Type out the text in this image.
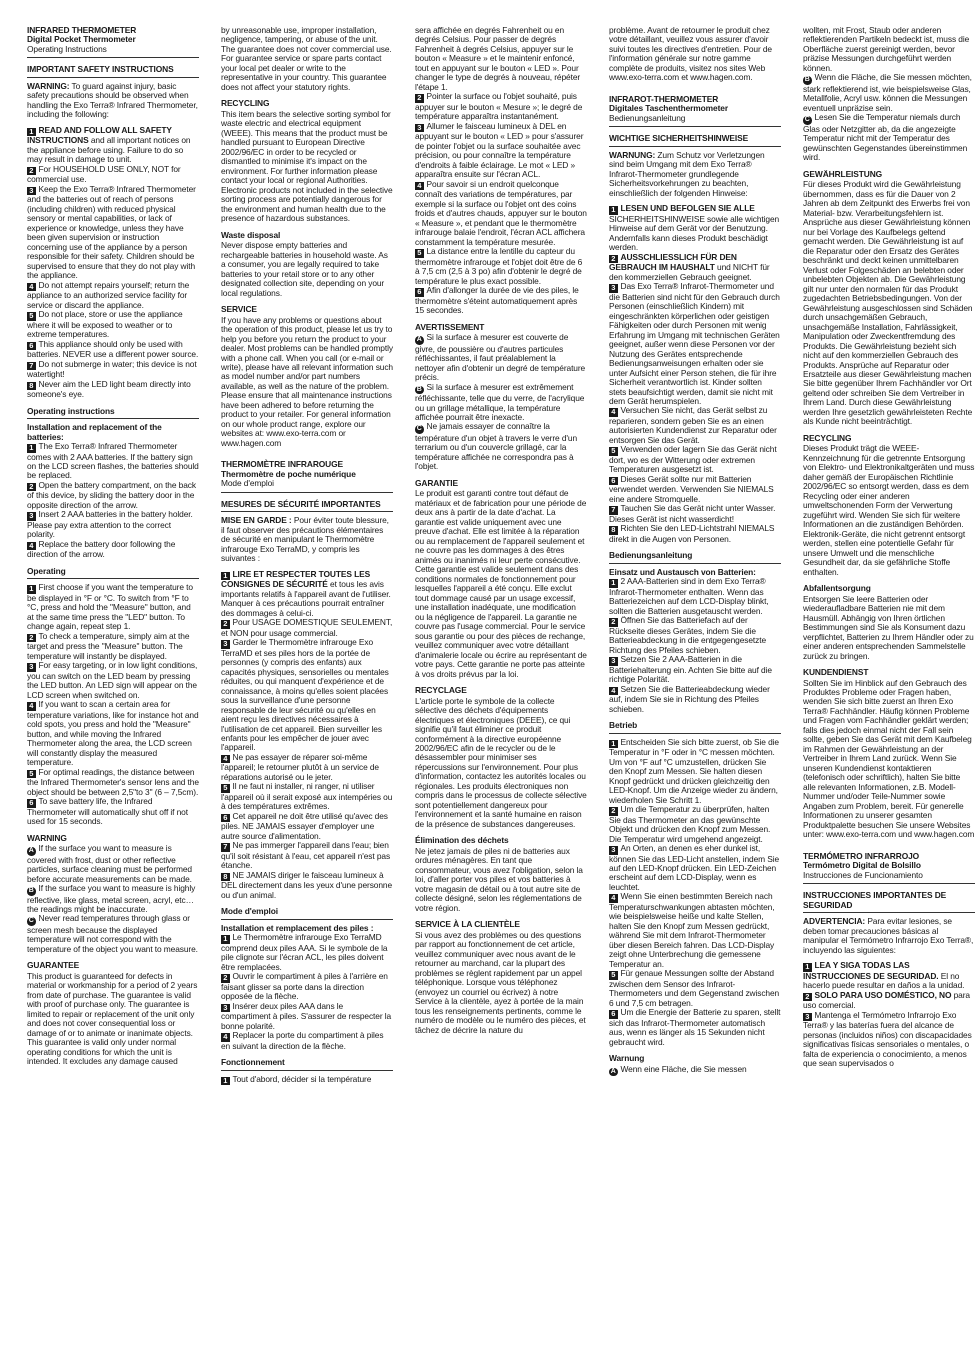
INFRARED THERMOMETER

Digital Pocket Thermometer

Operating Instructions

IMPORTANT SAFETY INSTRUCTIONS

WARNING: To guard against injury, basic safety precautions should be observed when handling the Exo Terra® Infrared Thermometer, including the following:

1 READ AND FOLLOW ALL SAFETY INSTRUCTIONS and all important notices on the appliance before using. Failure to do so may result in damage to unit.

2 For HOUSEHOLD USE ONLY, NOT for commercial use.

3 Keep the Exo Terra® Infrared Thermometer and the batteries out of reach of persons (including children) with reduced physical sensory or mental capabilities, or lack of experience or knowledge, unless they have been given supervision or instruction concerning use of the appliance by a person responsible for their safety. Children should be supervised to ensure that they do not play with the appliance.

4 Do not attempt repairs yourself; return the appliance to an authorized service facility for service or discard the appliance.

5 Do not place, store or use the appliance where it will be exposed to weather or to extreme temperatures.

6 This appliance should only be used with batteries. NEVER use a different power source.

7 Do not submerge in water; this device is not watertight!

8 Never aim the LED light beam directly into someone's eye.

Operating instructions

Installation and replacement of the batteries:

1 The Exo Terra® Infrared Thermometer comes with 2 AAA batteries. If the battery sign on the LCD screen flashes, the batteries should be replaced.

2 Open the battery compartment, on the back of this device, by sliding the battery door in the opposite direction of the arrow.

3 Insert 2 AAA batteries in the battery holder. Please pay extra attention to the correct polarity.

4 Replace the battery door following the direction of the arrow.

Operating

1 First choose if you want the temperature to be displayed in °F or °C. To switch from °F to °C, press and hold the "Measure" button, and at the same time press the "LED" button. To change again, repeat step 1.

2 To check a temperature, simply aim at the target and press the "Measure" button. The temperature will instantly be displayed.

3 For easy targeting, or in low light conditions, you can switch on the LED beam by pressing the LED button. An LED sign will appear on the LCD screen when switched on.

4 If you want to scan a certain area for temperature variations, like for instance hot and cold spots, you press and hold the "Measure" button, and while moving the Infrared Thermometer along the area, the LCD screen will constantly display the measured temperature.

5 For optimal readings, the distance between the Infrared Thermometer's sensor lens and the object should be between 2,5"to 3" (6 – 7,5cm).

6 To save battery life, the Infrared Thermometer will automatically shut off if not used for 15 seconds.

WARNING

A If the surface you want to measure is covered with frost, dust or other reflective particles, surface cleaning must be performed before accurate measurements can be made.

B If the surface you want to measure is highly reflective, like glass, metal screen, acryl, etc…the readings might be inaccurate.

C Never read temperatures through glass or screen mesh because the displayed temperature will not correspond with the temperature of the object you want to measure.

GUARANTEE

This product is guaranteed for defects in material or workmanship for a period of 2 years from date of purchase. The guarantee is valid with proof of purchase only. The guarantee is limited to repair or replacement of the unit only and does not cover consequential loss or damage of or to animate or inanimate objects. This guarantee is valid only under normal operating conditions for which the unit is intended. It excludes any damage caused

by unreasonable use, improper installation, negligence, tampering, or abuse of the unit. The guarantee does not cover commercial use. For guarantee service or spare parts contact your local pet dealer or write to the representative in your country. This guarantee does not affect your statutory rights.

RECYCLING

This item bears the selective sorting symbol for waste electric and electrical equipment (WEEE). This means that the product must be handled pursuant to European Directive 2002/96/EC in order to be recycled or dismantled to minimise it's impact on the environment. For further information please contact your local or regional Authorities. Electronic products not included in the selective sorting process are potentially dangerous for the environment and human health due to the presence of hazardous substances.

Waste disposal

Never dispose empty batteries and rechargeable batteries in household waste. As a consumer, you are legally required to take batteries to your retail store or to any other designated collection site, depending on your local regulations.

SERVICE

If you have any problems or questions about the operation of this product, please let us try to help you before you return the product to your dealer. Most problems can be handled promptly with a phone call. When you call (or e-mail or write), please have all relevant information such as model number and/or part numbers available, as well as the nature of the problem. Please ensure that all maintenance instructions have been adhered to before returning the product to your retailer. For general information on our whole product range, explore our websites at: www.exo-terra.com or www.hagen.com

THERMOMÈTRE INFRAROUGE

Thermomètre de poche numérique

Mode d'emploi

MESURES DE SÉCURITÉ IMPORTANTES

MISE EN GARDE : Pour éviter toute blessure, il faut observer des précautions élémentaires de sécurité en manipulant le Thermomètre infrarouge Exo TerraMD, y compris les suivantes :

1 LIRE ET RESPECTER TOUTES LES CONSIGNES DE SÉCURITÉ et tous les avis importants relatifs à l'appareil avant de l'utiliser. Manquer à ces précautions pourrait entraîner des dommages à celui-ci.

2 Pour USAGE DOMESTIQUE SEULEMENT, et NON pour usage commercial.

3 Garder le Thermomètre infrarouge Exo TerraMD et ses piles hors de la portée de personnes (y compris des enfants) aux capacités physiques, sensorielles ou mentales réduites, ou qui manquent d'expérience et de connaissance, à moins qu'elles soient placées sous la surveillance d'une personne responsable de leur sécurité ou qu'elles en aient reçu les directives nécessaires à l'utilisation de cet appareil. Bien surveiller les enfants pour les empêcher de jouer avec l'appareil.

4 Ne pas essayer de réparer soi-même l'appareil; le retourner plutôt à un service de réparations autorisé ou le jeter.

5 Il ne faut ni installer, ni ranger, ni utiliser l'appareil où il serait exposé aux intempéries ou à des températures extrêmes.

6 Cet appareil ne doit être utilisé qu'avec des piles. NE JAMAIS essayer d'employer une autre source d'alimentation.

7 Ne pas immerger l'appareil dans l'eau; bien qu'il soit résistant à l'eau, cet appareil n'est pas étanche.

8 NE JAMAIS diriger le faisceau lumineux à DEL directement dans les yeux d'une personne ou d'un animal.

Mode d'emploi

Installation et remplacement des piles :

1 Le Thermomètre infrarouge Exo TerraMD comprend deux piles AAA. Si le symbole de la pile clignote sur l'écran ACL, les piles doivent être remplacées.

2 Ouvrir le compartiment à piles à l'arrière en faisant glisser sa porte dans la direction opposée de la flèche.

3 Insérer deux piles AAA dans le compartiment à piles. S'assurer de respecter la bonne polarité.

4 Replacer la porte du compartiment à piles en suivant la direction de la flèche.

Fonctionnement

1 Tout d'abord, décider si la température

sera affichée en degrés Fahrenheit ou en degrés Celsius. Pour passer de degrés Fahrenheit à degrés Celsius, appuyer sur le bouton « Measure » et le maintenir enfoncé, tout en appuyant sur le bouton « LED ». Pour changer le type de degrés à nouveau, répéter l'étape 1.

2 Pointer la surface ou l'objet souhaité, puis appuyer sur le bouton « Mesure »; le degré de température apparaîtra instantanément.

3 Allumer le faisceau lumineux à DEL en appuyant sur le bouton « LED » pour s'assurer de pointer l'objet ou la surface souhaitée avec précision, ou pour connaître la température d'endroits à faible éclairage. Le mot « LED » apparaîtra ensuite sur l'écran ACL.

4 Pour savoir si un endroit quelconque connaît des variations de températures, par exemple si la surface ou l'objet ont des coins froids et d'autres chauds, appuyer sur le bouton « Measure », et pendant que le thermomètre infrarouge balaie l'endroit, l'écran ACL affichera constamment la température mesurée.

5 La distance entre la lentille du capteur du thermomètre infrarouge et l'objet doit être de 6 à 7,5 cm (2,5 à 3 po) afin d'obtenir le degré de température le plus exact possible.

6 Afin d'allonger la durée de vie des piles, le thermomètre s'éteint automatiquement après 15 secondes.

AVERTISSEMENT

A Si la surface à mesurer est couverte de givre, de poussière ou d'autres particules réfléchissantes, il faut préalablement la nettoyer afin d'obtenir un degré de température précis.

B Si la surface à mesurer est extrêmement réfléchissante, telle que du verre, de l'acrylique ou un grillage métallique, la température affichée pourrait être inexacte.

C Ne jamais essayer de connaître la température d'un objet à travers le verre d'un terrarium ou d'un couvercle grillagé, car la température affichée ne correspondra pas à l'objet.

GARANTIE

Le produit est garanti contre tout défaut de matériaux et de fabrication pour une période de deux ans à partir de la date d'achat. La garantie est valide uniquement avec une preuve d'achat. Elle est limitée à la réparation ou au remplacement de l'appareil seulement et ne couvre pas les dommages à des êtres animés ou inanimés ni leur perte consécutive. Cette garantie est valide seulement dans des conditions normales de fonctionnement pour lesquelles l'appareil a été conçu. Elle exclut tout dommage causé par un usage excessif, une installation inadéquate, une modification ou la négligence de l'appareil. La garantie ne couvre pas l'usage commercial. Pour le service sous garantie ou pour des pièces de rechange, veuillez communiquer avec votre détaillant d'animalerie locale ou écrire au représentant de votre pays. Cette garantie ne porte pas atteinte à vos droits prévus par la loi.

RECYCLAGE

L'article porte le symbole de la collecte sélective des déchets d'équipements électriques et électroniques (DEEE), ce qui signifie qu'il faut éliminer ce produit conformément à la directive européenne 2002/96/EC afin de le recycler ou de le désassembler pour minimiser ses répercussions sur l'environnement. Pour plus d'information, contactez les autorités locales ou régionales. Les produits électroniques non compris dans le processus de collecte sélective sont potentiellement dangereux pour l'environnement et la santé humaine en raison de la présence de substances dangereuses.

Élimination des déchets

Ne jetez jamais de piles ni de batteries aux ordures ménagères. En tant que consommateur, vous avez l'obligation, selon la loi, d'aller porter vos piles et vos batteries à votre magasin de détail ou à tout autre site de collecte désigné, selon les réglementations de votre région.

SERVICE À LA CLIENTÈLE

Si vous avez des problèmes ou des questions par rapport au fonctionnement de cet article, veuillez communiquer avec nous avant de le retourner au marchand, car la plupart des problèmes se règlent rapidement par un appel téléphonique. Lorsque vous téléphonez (envoyez un courriel ou écrivez) à notre Service à la clientèle, ayez à portée de la main tous les renseignements pertinents, comme le numéro de modèle ou le numéro des pièces, et tâchez de décrire la nature du

problème. Avant de retourner le produit chez votre détaillant, veuillez vous assurer d'avoir suivi toutes les directives d'entretien. Pour de l'information générale sur notre gamme complète de produits, visitez nos sites Web www.exo-terra.com et www.hagen.com.

INFRAROT-THERMOMETER

Digitales Taschenthermometer

Bedienungsanleitung

WICHTIGE SICHERHEITSHINWEISE

WARNUNG: Zum Schutz vor Verletzungen sind beim Umgang mit dem Exo Terra® Infrarot-Thermometer grundlegende Sicherheitsvorkehrungen zu beachten, einschließlich der folgenden Hinweise:

1 LESEN UND BEFOLGEN SIE ALLE SICHERHEITSHINWEISE sowie alle wichtigen Hinweise auf dem Gerät vor der Benutzung. Andernfalls kann dieses Produkt beschädigt werden.

2 AUSSCHLIESSLICH FÜR DEN GEBRAUCH IM HAUSHALT und NICHT für den kommerziellen Gebrauch geeignet.

3 Das Exo Terra® Infrarot-Thermometer und die Batterien sind nicht für den Gebrauch durch Personen (einschließlich Kindern) mit eingeschränkten körperlichen oder geistigen Fähigkeiten oder durch Personen mit wenig Erfahrung im Umgang mit technischen Geräten geeignet, außer wenn diese Personen vor der Nutzung des Gerätes entsprechende Bedienungsanweisungen erhalten oder sie unter Aufsicht einer Person stehen, die für ihre Sicherheit verantwortlich ist. Kinder sollten stets beaufsichtigt werden, damit sie nicht mit dem Gerät herumspielen.

4 Versuchen Sie nicht, das Gerät selbst zu reparieren, sondern geben Sie es an einen autorisierten Kundendienst zur Reparatur oder entsorgen Sie das Gerät.

5 Verwenden oder lagern Sie das Gerät nicht dort, wo es der Witterung oder extremen Temperaturen ausgesetzt ist.

6 Dieses Gerät sollte nur mit Batterien verwendet werden. Verwenden Sie NIEMALS eine andere Stromquelle.

7 Tauchen Sie das Gerät nicht unter Wasser. Dieses Gerät ist nicht wasserdicht!

8 Richten Sie den LED-Lichtstrahl NIEMALS direkt in die Augen von Personen.

Bedienungsanleitung

Einsatz und Austausch von Batterien:

1 2 AAA-Batterien sind in dem Exo Terra® Infrarot-Thermometer enthalten. Wenn das Batteriezeichen auf dem LCD-Display blinkt, sollten die Batterien ausgetauscht werden.

2 Öffnen Sie das Batteriefach auf der Rückseite dieses Gerätes, indem Sie die Batterieabdeckung in die entgegengesetzte Richtung des Pfeiles schieben.

3 Setzen Sie 2 AAA-Batterien in die Batteriehalterung ein. Achten Sie bitte auf die richtige Polarität.

4 Setzen Sie die Batterieabdeckung wieder auf, indem Sie sie in Richtung des Pfeiles schieben.

Betrieb

1 Entscheiden Sie sich bitte zuerst, ob Sie die Temperatur in °F oder in °C messen möchten. Um von °F auf °C umzustellen, drücken Sie den Knopf zum Messen. Sie halten diesen Knopf gedrückt und drücken gleichzeitig den LED-Knopf. Um die Anzeige wieder zu ändern, wiederholen Sie Schritt 1.

2 Um die Temperatur zu überprüfen, halten Sie das Thermometer an das gewünschte Objekt und drücken den Knopf zum Messen. Die Temperatur wird umgehend angezeigt.

3 An Orten, an denen es eher dunkel ist, können Sie das LED-Licht anstellen, indem Sie auf den LED-Knopf drücken. Ein LED-Zeichen erscheint auf dem LCD-Display, wenn es leuchtet.

4 Wenn Sie einen bestimmten Bereich nach Temperaturschwankungen abtasten möchten, wie beispielsweise heiße und kalte Stellen, halten Sie den Knopf zum Messen gedrückt, während Sie mit dem Infrarot-Thermometer über diesen Bereich fahren. Das LCD-Display zeigt ohne Unterbrechung die gemessene Temperatur an.

5 Für genaue Messungen sollte der Abstand zwischen dem Sensor des Infrarot-Thermometers und dem Gegenstand zwischen 6 und 7,5 cm betragen.

6 Um die Energie der Batterie zu sparen, stellt sich das Infrarot-Thermometer automatisch aus, wenn es länger als 15 Sekunden nicht gebraucht wird.

Warnung

A Wenn eine Fläche, die Sie messen

wollten, mit Frost, Staub oder anderen reflektierenden Partikeln bedeckt ist, muss die Oberfläche zuerst gereinigt werden, bevor präzise Messungen durchgeführt werden können.

B Wenn die Fläche, die Sie messen möchten, stark reflektierend ist, wie beispielsweise Glas, Metallfolie, Acryl usw. können die Messungen eventuell unpräzise sein.

C Lesen Sie die Temperatur niemals durch Glas oder Netzgitter ab, da die angezeigte Temperatur nicht mit der Temperatur des gewünschten Gegenstandes übereinstimmen wird.

GEWÄHRLEISTUNG

Für dieses Produkt wird die Gewährleistung übernommen, dass es für die Dauer von 2 Jahren ab dem Zeitpunkt des Erwerbs frei von Material- bzw. Verarbeitungsfehlern ist. Ansprüche aus dieser Gewährleistung können nur bei Vorlage des Kaufbelegs geltend gemacht werden. Die Gewährleistung ist auf die Reparatur oder den Ersatz des Gerätes beschränkt und deckt keinen unmittelbaren Verlust oder Folgeschäden an belebten oder unbelebten Objekten ab. Die Gewährleistung gilt nur unter den normalen für das Produkt zugedachten Betriebsbedingungen. Von der Gewährleistung ausgeschlossen sind Schäden durch unsachgemäßen Gebrauch, unsachgemäße Installation, Fahrlässigkeit, Manipulation oder Zweckentfremdung des Produkts. Die Gewährleistung bezieht sich nicht auf den kommerziellen Gebrauch des Produkts. Ansprüche auf Reparatur oder Ersatzteile aus dieser Gewährleistung machen Sie bitte gegenüber Ihrem Fachhändler vor Ort geltend oder schreiben Sie dem Vertreiber in Ihrem Land. Durch diese Gewährleistung werden Ihre gesetzlich gewährleisteten Rechte als Kunde nicht beeinträchtigt.

RECYCLING

Dieses Produkt trägt die WEEE-Kennzeichnung für die getrennte Entsorgung von Elektro- und Elektronikaltgeräten und muss daher gemäß der Europäischen Richtlinie 2002/96/EC so entsorgt werden, dass es dem Recycling oder einer anderen umweltschonenden Form der Verwertung zugeführt wird. Wenden Sie sich für weitere Informationen an die zuständigen Behörden. Elektronik-Geräte, die nicht getrennt entsorgt werden, stellen eine potentielle Gefahr für unsere Umwelt und die menschliche Gesundheit dar, da sie gefährliche Stoffe enthalten.

Abfallentsorgung

Entsorgen Sie leere Batterien oder wiederaufladbare Batterien nie mit dem Hausmüll. Abhängig von Ihren örtlichen Bestimmungen sind Sie als Konsument dazu verpflichtet, Batterien zu Ihrem Händler oder zu einer anderen entsprechenden Sammelstelle zurück zu bringen.

KUNDENDIENST

Sollten Sie im Hinblick auf den Gebrauch des Produktes Probleme oder Fragen haben, wenden Sie sich bitte zuerst an Ihren Exo Terra® Fachhändler. Häufig können Probleme und Fragen vom Fachhändler geklärt werden; falls dies jedoch einmal nicht der Fall sein sollte, geben Sie das Gerät mit dem Kaufbeleg im Rahmen der Gewährleistung an der Vertreiber in Ihrem Land zurück. Wenn Sie unseren Kundendienst kontaktieren (telefonisch oder schriftlich), halten Sie bitte alle relevanten Informationen, z.B. Modell-Nummer und/oder Teile-Nummer sowie Angaben zum Problem, bereit. Für generelle Informationen zu unserer gesamten Produktpalette besuchen Sie unsere Websites unter: www.exo-terra.com und www.hagen.com

TERMÓMETRO INFRARROJO

Termómetro Digital de Bolsillo

Instrucciones de Funcionamiento

INSTRUCCIONES IMPORTANTES DE SEGURIDAD

ADVERTENCIA: Para evitar lesiones, se deben tomar precauciones básicas al manipular el Termómetro Infrarrojo Exo Terra®, incluyendo las siguientes:

1 LEA Y SIGA TODAS LAS INSTRUCCIONES DE SEGURIDAD. El no hacerlo puede resultar en daños a la unidad.

2 SOLO PARA USO DOMÉSTICO, NO para uso comercial.

3 Mantenga el Termómetro Infrarrojo Exo Terra® y las baterías fuera del alcance de personas (incluidos niños) con discapacidades significativas físicas sensoriales o mentales, o falta de experiencia o conocimiento, a menos que sean supervisados o
